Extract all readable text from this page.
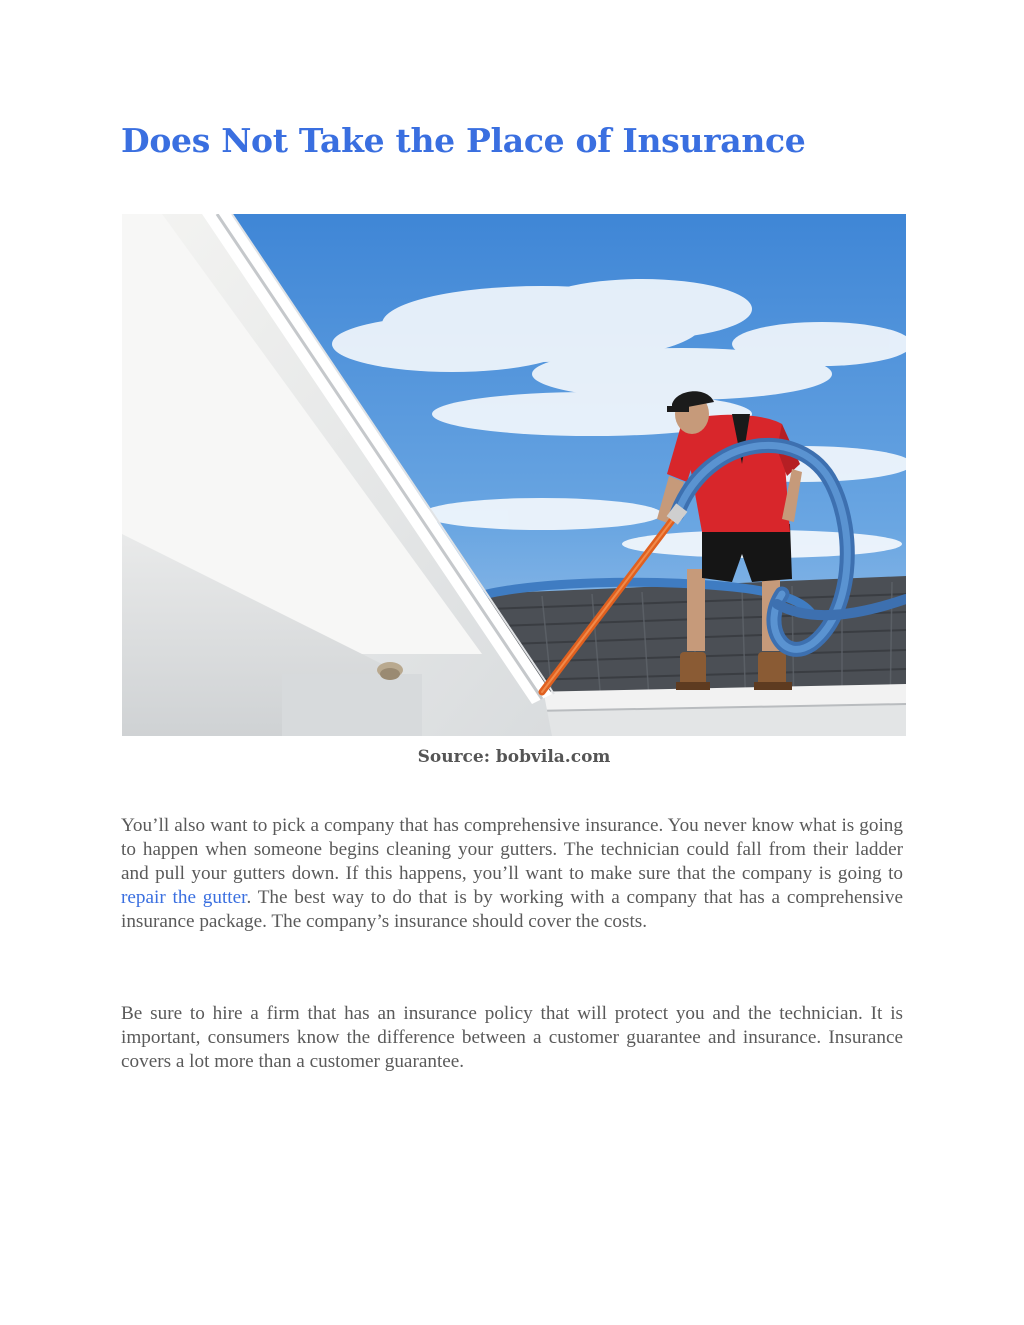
Does Not Take the Place of Insurance
Source: bobvila.com

You’ll also want to pick a company that has comprehensive insurance. You never know what is going to happen when someone begins cleaning your gutters. The technician could fall from their ladder and pull your gutters down. If this happens, you’ll want to make sure that the company is going to repair the gutter. The best way to do that is by working with a company that has a comprehensive insurance package. The company’s insurance should cover the costs.

Be sure to hire a firm that has an insurance policy that will protect you and the technician. It is important, consumers know the difference between a customer guarantee and insurance. Insurance covers a lot more than a customer guarantee.
